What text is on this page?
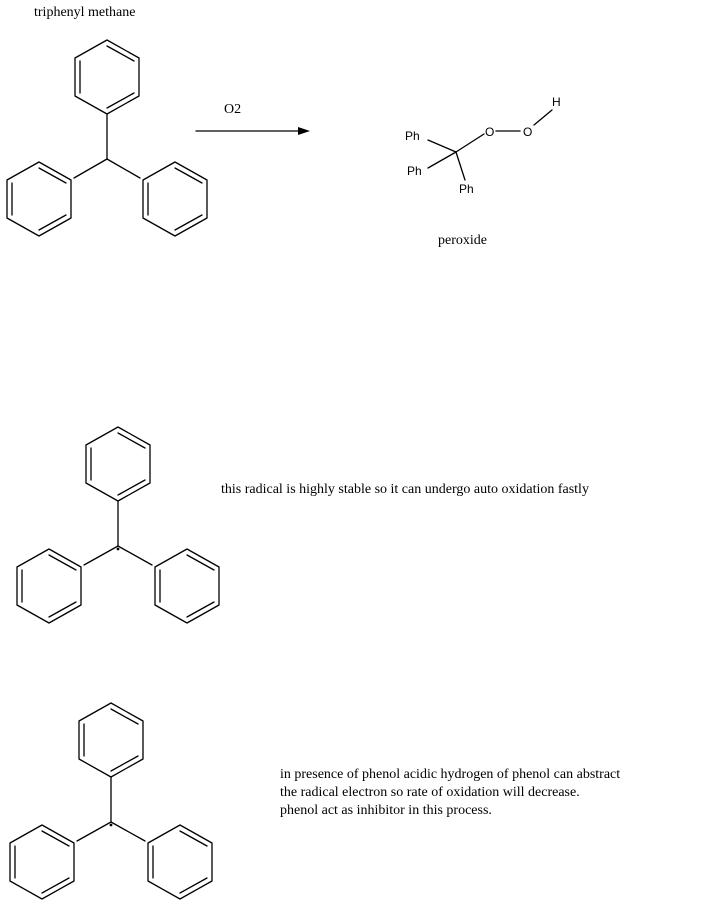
triphenyl methane
O2
Ph
Ph
Ph
O O
H
peroxide

this radical is highly stable so it can undergo auto oxidation fastly

in presence of phenol acidic hydrogen of phenol can abstract
the radical electron so rate of oxidation will decrease.
phenol act as inhibitor in this process.
